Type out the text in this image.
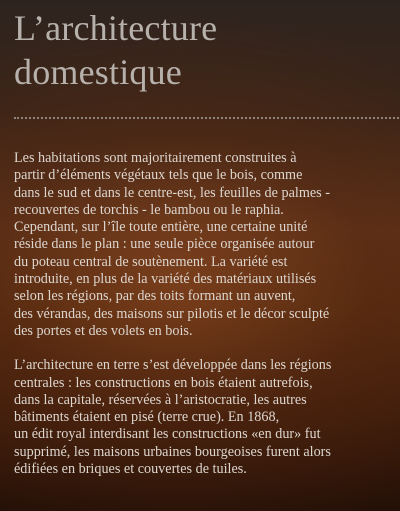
L’architecture
domestique

Les habitations sont majoritairement construites à
partir d’éléments végétaux tels que le bois, comme
dans le sud et dans le centre-est, les feuilles de palmes -
recouvertes de torchis - le bambou ou le raphia.
Cependant, sur l’île toute entière, une certaine unité
réside dans le plan : une seule pièce organisée autour
du poteau central de soutènement. La variété est
introduite, en plus de la variété des matériaux utilisés
selon les régions, par des toits formant un auvent,
des vérandas, des maisons sur pilotis et le décor sculpté
des portes et des volets en bois.

L’architecture en terre s’est développée dans les régions
centrales : les constructions en bois étaient autrefois,
dans la capitale, réservées à l’aristocratie, les autres
bâtiments étaient en pisé (terre crue). En 1868,
un édit royal interdisant les constructions «en dur» fut
supprimé, les maisons urbaines bourgeoises furent alors
édifiées en briques et couvertes de tuiles.
